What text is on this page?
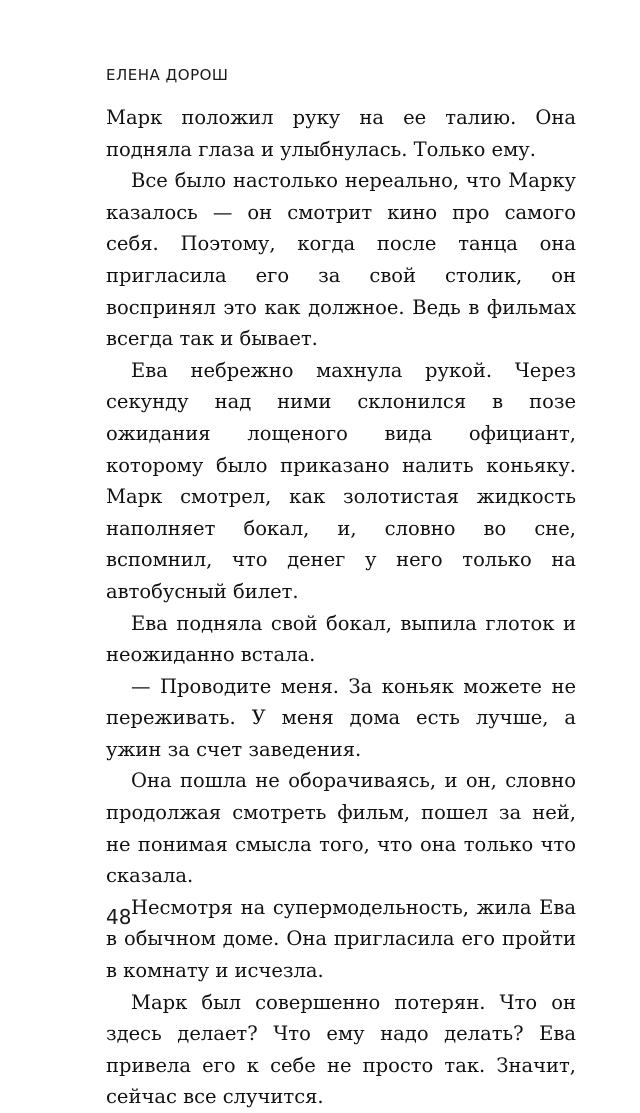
ЕЛЕНА ДОРОШ

Марк положил руку на ее талию. Она подняла глаза и улыбнулась. Только ему.

Все было настолько нереально, что Марку казалось — он смотрит кино про самого себя. Поэтому, когда после танца она пригласила его за свой столик, он воспринял это как должное. Ведь в фильмах всегда так и бывает.

Ева небрежно махнула рукой. Через секунду над ними склонился в позе ожидания лощеного вида официант, которому было приказано налить коньяку. Марк смотрел, как золотистая жидкость наполняет бокал, и, словно во сне, вспомнил, что денег у него только на автобусный билет.

Ева подняла свой бокал, выпила глоток и неожиданно встала.

— Проводите меня. За коньяк можете не переживать. У меня дома есть лучше, а ужин за счет заведения.

Она пошла не оборачиваясь, и он, словно продолжая смотреть фильм, пошел за ней, не понимая смысла того, что она только что сказала.

Несмотря на супермодельность, жила Ева в обычном доме. Она пригласила его пройти в комнату и исчезла.

Марк был совершенно потерян. Что он здесь делает? Что ему надо делать? Ева привела его к себе не просто так. Значит, сейчас все случится.

48
